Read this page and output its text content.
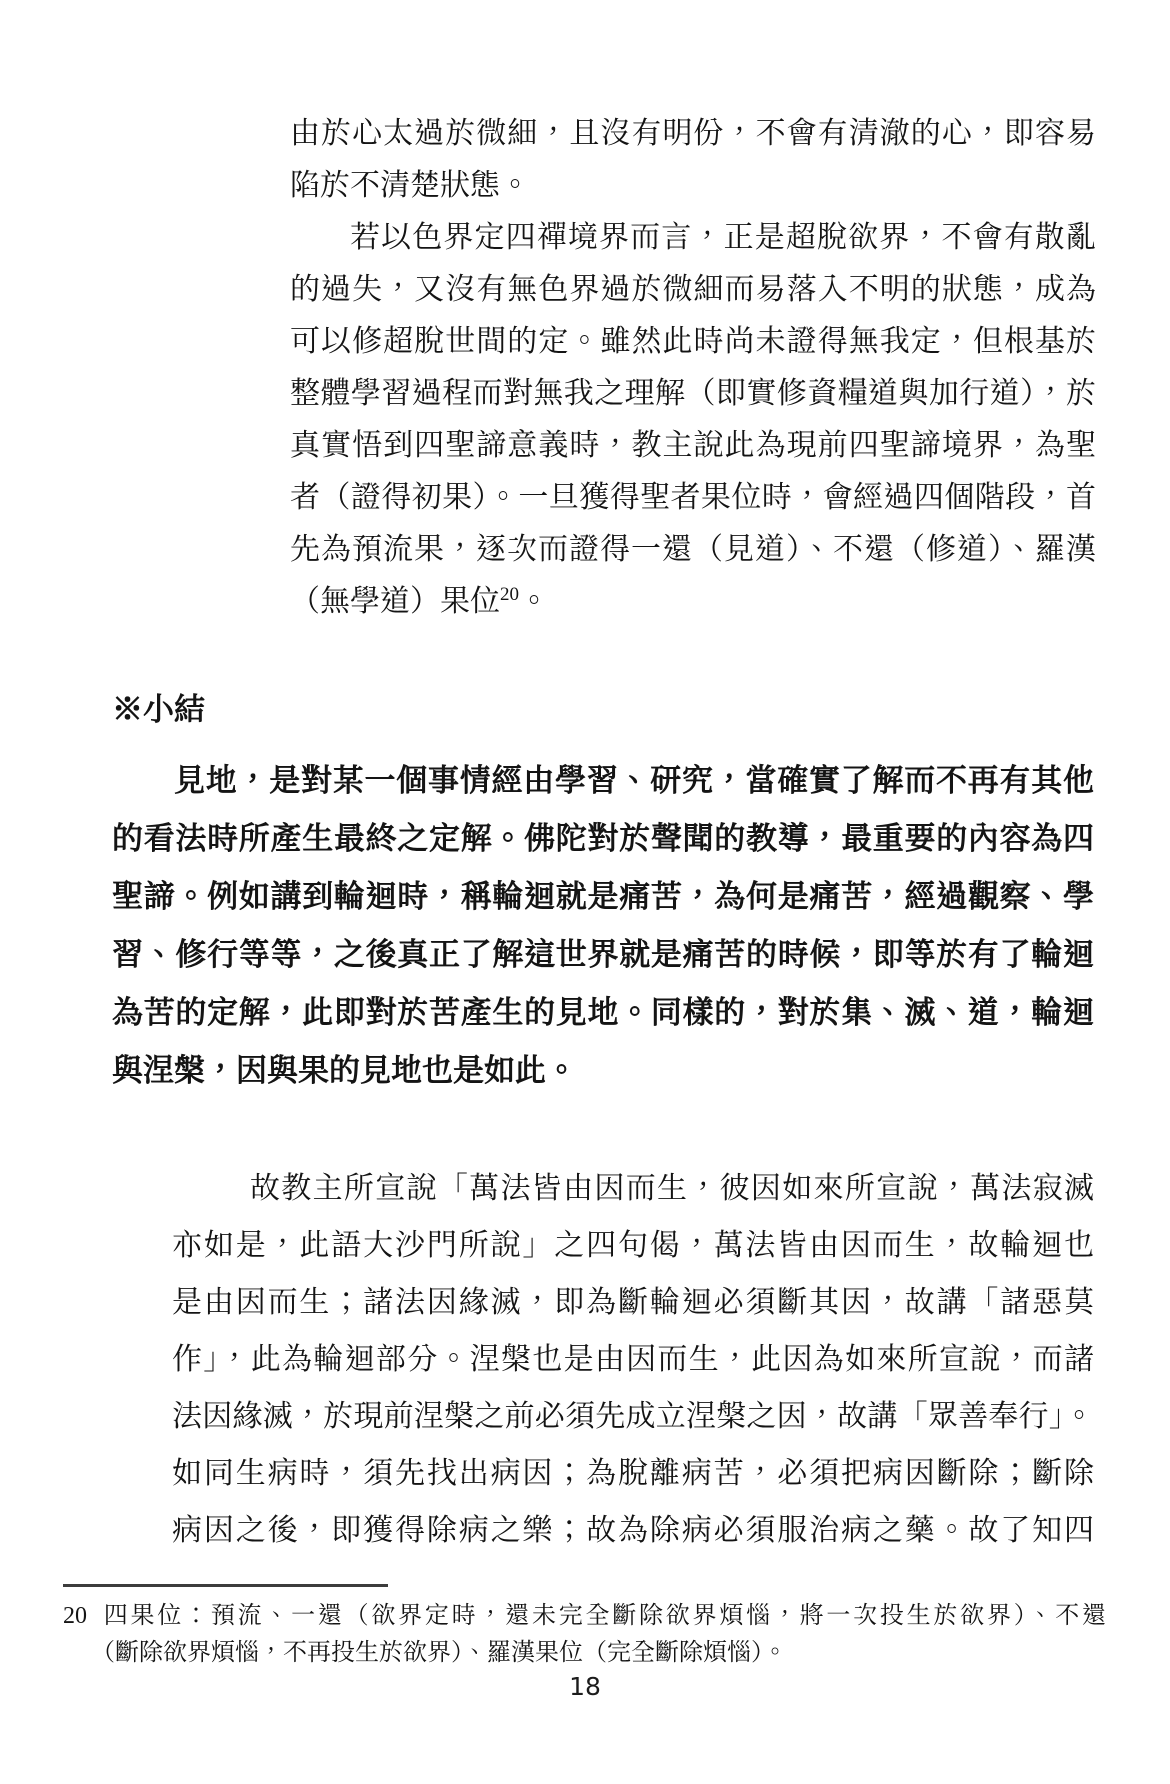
由於心太過於微細，且沒有明份，不會有清澈的心，即容易
陷於不清楚狀態。
若以色界定四禪境界而言，正是超脫欲界，不會有散亂
的過失，又沒有無色界過於微細而易落入不明的狀態，成為
可以修超脫世間的定。雖然此時尚未證得無我定，但根基於
整體學習過程而對無我之理解（即實修資糧道與加行道），於
真實悟到四聖諦意義時，教主說此為現前四聖諦境界，為聖
者（證得初果）。一旦獲得聖者果位時，會經過四個階段，首
先為預流果，逐次而證得一還（見道）、不還（修道）、羅漢
（無學道）果位$^{20}$。
※小結
見地，是對某一個事情經由學習、研究，當確實了解而不再有其他
的看法時所產生最終之定解。佛陀對於聲聞的教導，最重要的內容為四
聖諦。例如講到輪迴時，稱輪迴就是痛苦，為何是痛苦，經過觀察、學
習、修行等等，之後真正了解這世界就是痛苦的時候，即等於有了輪迴
為苦的定解，此即對於苦產生的見地。同樣的，對於集、滅、道，輪迴
與涅槃，因與果的見地也是如此。
故教主所宣說「萬法皆由因而生，彼因如來所宣說，萬法寂滅
亦如是，此語大沙門所說」之四句偈，萬法皆由因而生，故輪迴也
是由因而生；諸法因緣滅，即為斷輪迴必須斷其因，故講「諸惡莫
作」，此為輪迴部分。涅槃也是由因而生，此因為如來所宣說，而諸
法因緣滅，於現前涅槃之前必須先成立涅槃之因，故講「眾善奉行」。
如同生病時，須先找出病因；為脫離病苦，必須把病因斷除；斷除
病因之後，即獲得除病之樂；故為除病必須服治病之藥。故了知四
20 四果位：預流、一還（欲界定時，還未完全斷除欲界煩惱，將一次投生於欲界）、不還
（斷除欲界煩惱，不再投生於欲界）、羅漢果位（完全斷除煩惱）。
18
